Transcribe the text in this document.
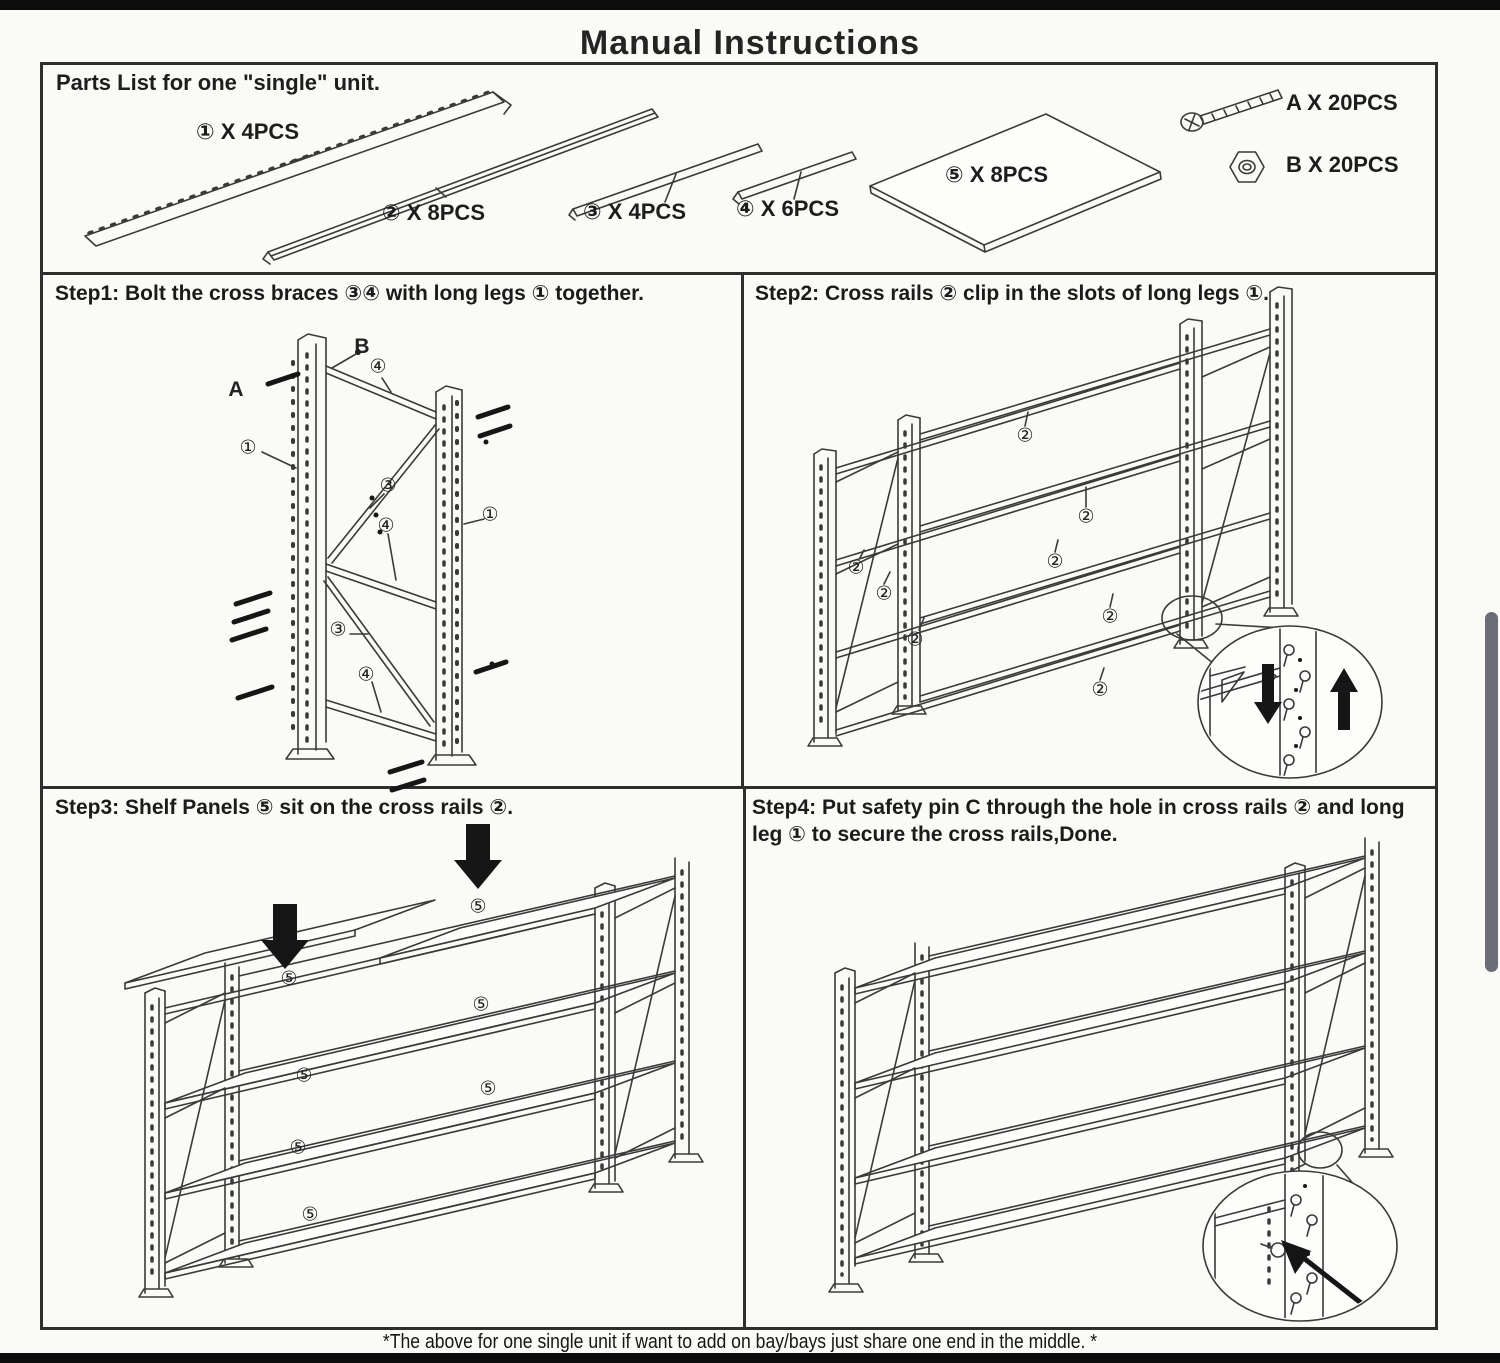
Manual Instructions
Parts List for one "single" unit.
① X 4PCS
② X 8PCS	③ X 4PCS ④ X 6PCS
⑤ X 8PCS
A X 20PCS
B X 20PCS
Step1: Bolt the cross braces ③④ with long legs ① together.
B
A
④
①
③
①
④
③
④
Step2: Cross rails ② clip in the slots of long legs ①.
②
②
②
②
②
②
②
②
Step3: Shelf Panels ⑤ sit on the cross rails ②.
⑤
⑤
⑤
⑤
⑤
⑤
⑤
Step4: Put safety pin C through the hole in cross rails ② and long leg ① to secure the cross rails,Done.
*The above for one single unit if want to add on bay/bays just share one end in the middle. *
